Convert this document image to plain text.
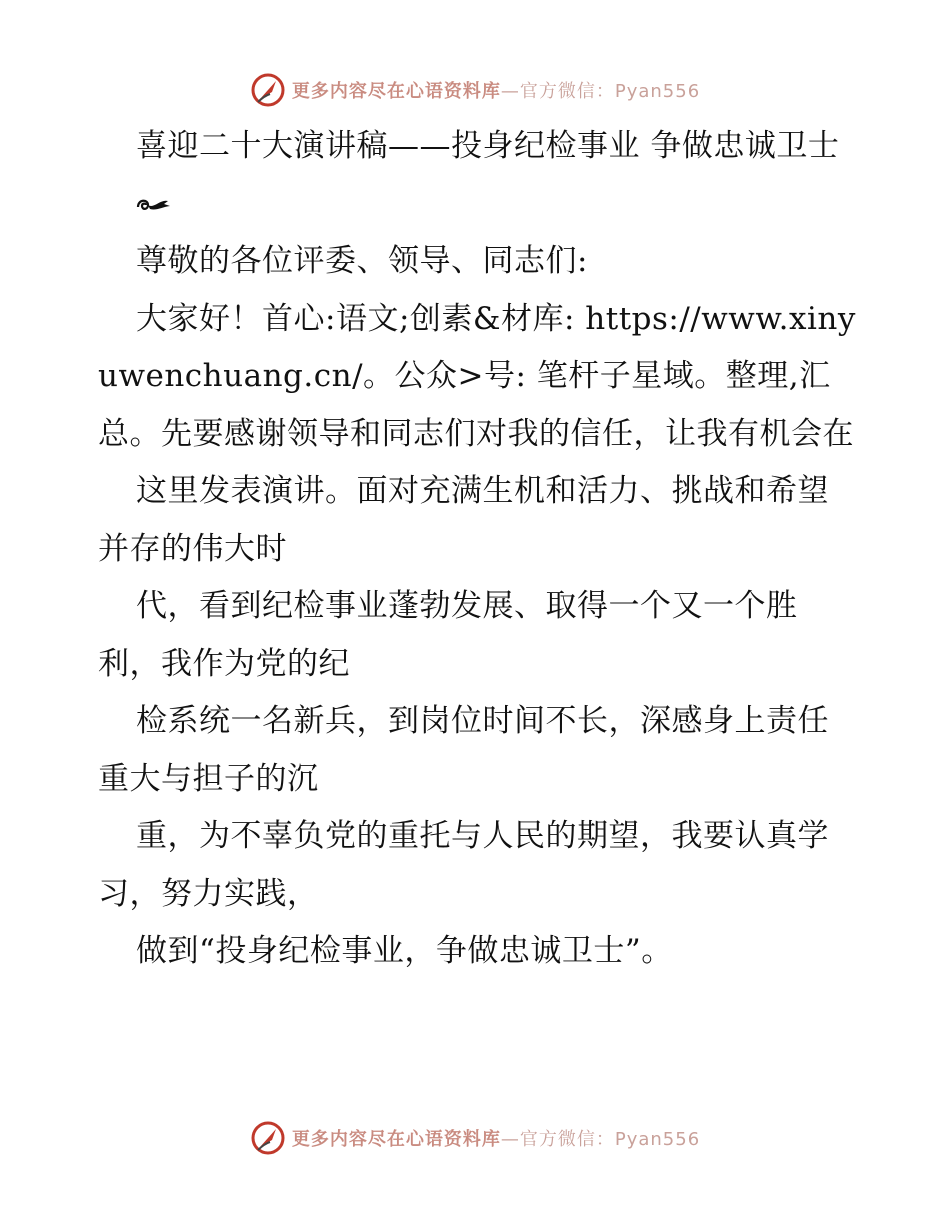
更多内容尽在心语资料库—官方微信：Pyan556

喜迎二十大演讲稿——投身纪检事业 争做忠诚卫士

尊敬的各位评委、领导、同志们:

大家好！首心:语文;创素&材库: https://www.xinyuwenchuang.cn/。公众>号: 笔杆子星域。整理,汇总。先要感谢领导和同志们对我的信任，让我有机会在

这里发表演讲。面对充满生机和活力、挑战和希望并存的伟大时

代，看到纪检事业蓬勃发展、取得一个又一个胜利，我作为党的纪

检系统一名新兵，到岗位时间不长，深感身上责任重大与担子的沉

重，为不辜负党的重托与人民的期望，我要认真学习，努力实践，

做到“投身纪检事业，争做忠诚卫士”。

更多内容尽在心语资料库—官方微信：Pyan556
